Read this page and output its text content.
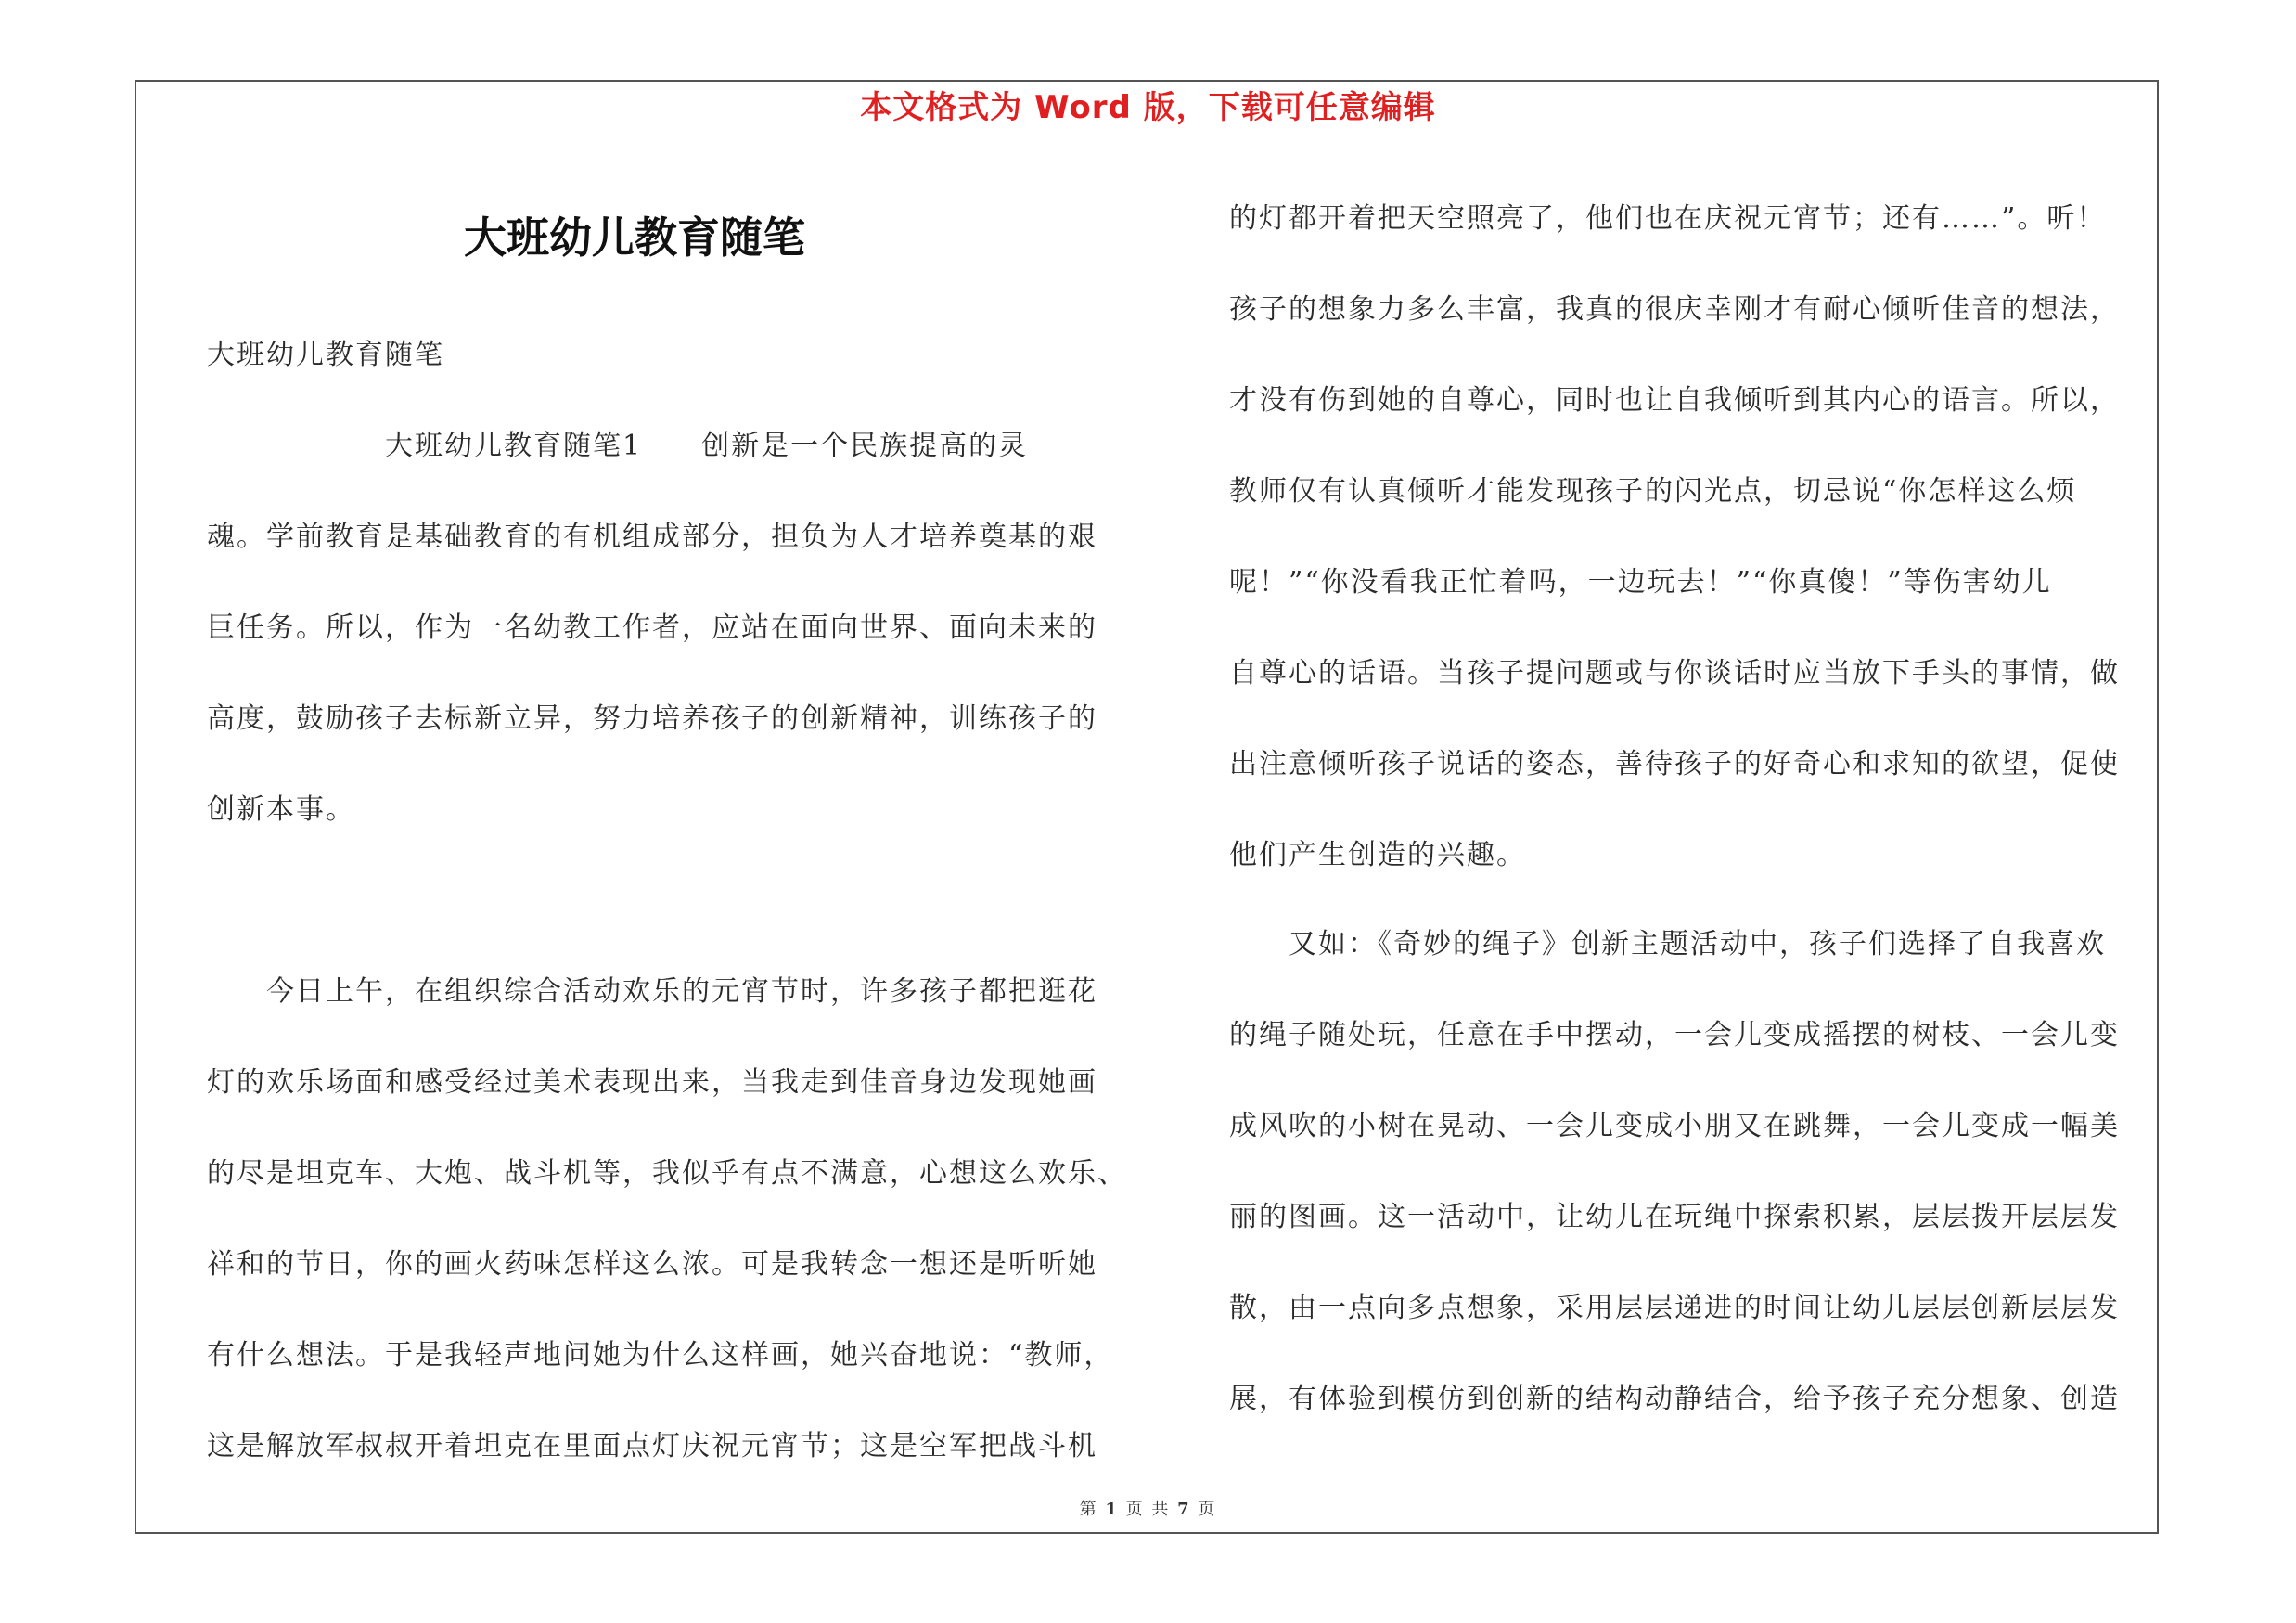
本文格式为 Word 版，下载可任意编辑
大班幼儿教育随笔
大班幼儿教育随笔
　　　　　　大班幼儿教育随笔1　　创新是一个民族提高的灵
魂。学前教育是基础教育的有机组成部分，担负为人才培养奠基的艰
巨任务。所以，作为一名幼教工作者，应站在面向世界、面向未来的
高度，鼓励孩子去标新立异，努力培养孩子的创新精神，训练孩子的
创新本事。
　　今日上午，在组织综合活动欢乐的元宵节时，许多孩子都把逛花
灯的欢乐场面和感受经过美术表现出来，当我走到佳音身边发现她画
的尽是坦克车、大炮、战斗机等，我似乎有点不满意，心想这么欢乐、
祥和的节日，你的画火药味怎样这么浓。可是我转念一想还是听听她
有什么想法。于是我轻声地问她为什么这样画，她兴奋地说：“教师，
这是解放军叔叔开着坦克在里面点灯庆祝元宵节；这是空军把战斗机
的灯都开着把天空照亮了，他们也在庆祝元宵节；还有……”。听！
孩子的想象力多么丰富，我真的很庆幸刚才有耐心倾听佳音的想法，
才没有伤到她的自尊心，同时也让自我倾听到其内心的语言。所以，
教师仅有认真倾听才能发现孩子的闪光点，切忌说“你怎样这么烦
呢！”“你没看我正忙着吗，一边玩去！”“你真傻！”等伤害幼儿
自尊心的话语。当孩子提问题或与你谈话时应当放下手头的事情，做
出注意倾听孩子说话的姿态，善待孩子的好奇心和求知的欲望，促使
他们产生创造的兴趣。
　　又如：《奇妙的绳子》创新主题活动中，孩子们选择了自我喜欢
的绳子随处玩，任意在手中摆动，一会儿变成摇摆的树枝、一会儿变
成风吹的小树在晃动、一会儿变成小朋又在跳舞，一会儿变成一幅美
丽的图画。这一活动中，让幼儿在玩绳中探索积累，层层拨开层层发
散，由一点向多点想象，采用层层递进的时间让幼儿层层创新层层发
展，有体验到模仿到创新的结构动静结合，给予孩子充分想象、创造
第 1 页 共 7 页
